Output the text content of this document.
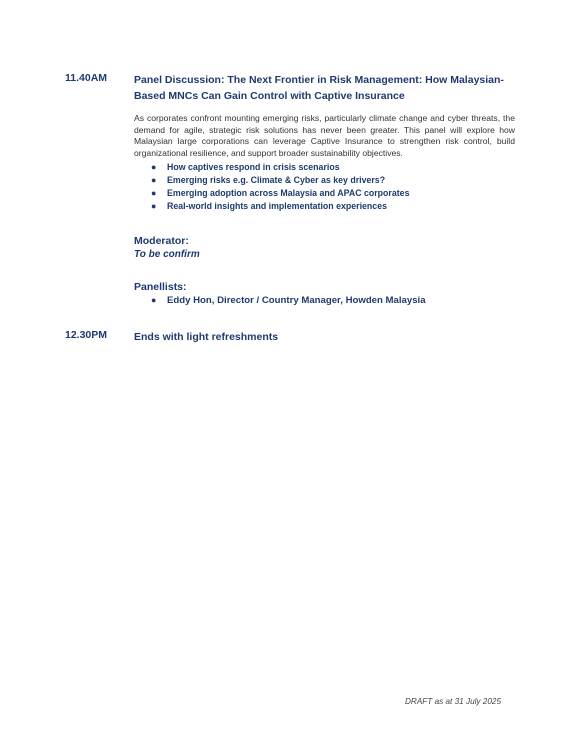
11.40AM	Panel Discussion: The Next Frontier in Risk Management: How Malaysian-
Based MNCs Can Gain Control with Captive Insurance

As corporates confront mounting emerging risks, particularly climate change and cyber threats, the demand for agile, strategic risk solutions has never been greater. This panel will explore how Malaysian large corporations can leverage Captive Insurance to strengthen risk control, build organizational resilience, and support broader sustainability objectives.

● How captives respond in crisis scenarios
● Emerging risks e.g. Climate & Cyber as key drivers?
● Emerging adoption across Malaysia and APAC corporates
● Real-world insights and implementation experiences

Moderator:

To be confirm

Panellists:

● Eddy Hon, Director / Country Manager, Howden Malaysia
12.30PM	Ends with light refreshments

DRAFT as at 31 July 2025
